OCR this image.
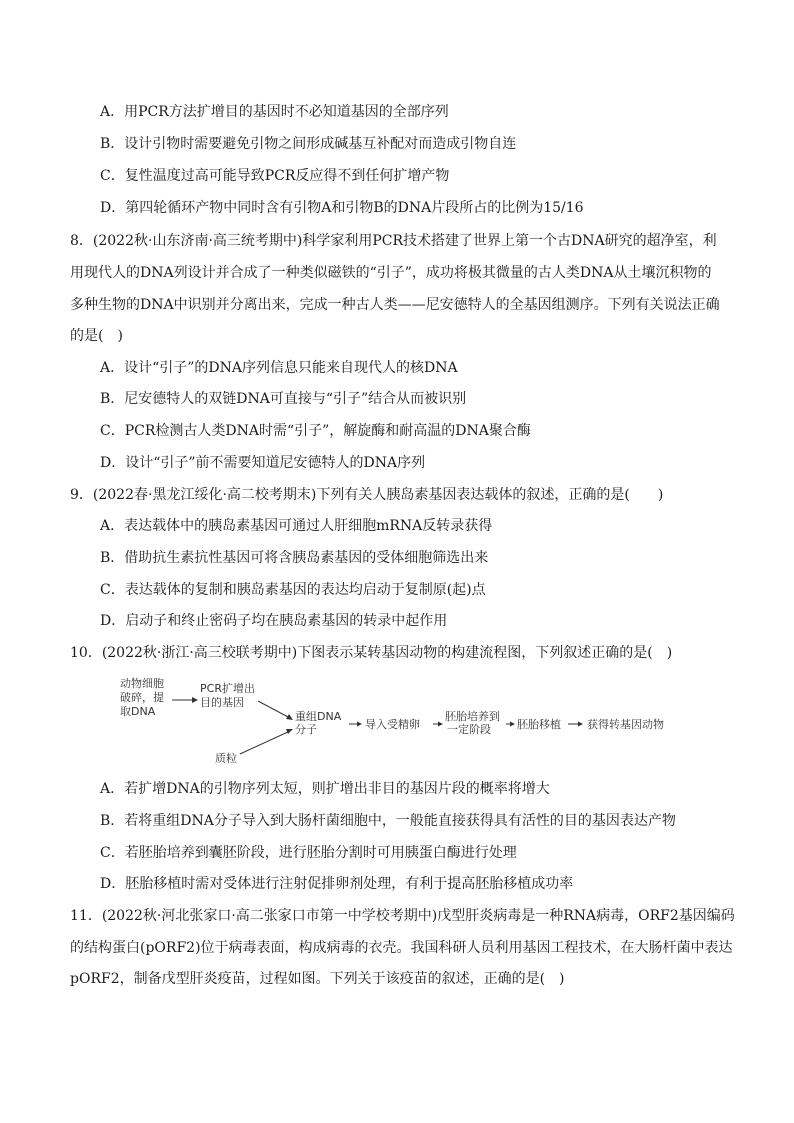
A．用PCR方法扩增目的基因时不必知道基因的全部序列
B．设计引物时需要避免引物之间形成碱基互补配对而造成引物自连
C．复性温度过高可能导致PCR反应得不到任何扩增产物
D．第四轮循环产物中同时含有引物A和引物B的DNA片段所占的比例为15/16
8．(2022秋·山东济南·高三统考期中)科学家利用PCR技术搭建了世界上第一个古DNA研究的超净室，利
用现代人的DNA列设计并合成了一种类似磁铁的“引子”，成功将极其微量的古人类DNA从土壤沉积物的
多种生物的DNA中识别并分离出来，完成一种古人类——尼安德特人的全基因组测序。下列有关说法正确
的是(　)
A．设计“引子”的DNA序列信息只能来自现代人的核DNA
B．尼安德特人的双链DNA可直接与“引子”结合从而被识别
C．PCR检测古人类DNA时需“引子”，解旋酶和耐高温的DNA聚合酶
D．设计“引子”前不需要知道尼安德特人的DNA序列
9．(2022春·黑龙江绥化·高二校考期末)下列有关人胰岛素基因表达载体的叙述，正确的是(　　)
A．表达载体中的胰岛素基因可通过人肝细胞mRNA反转录获得
B．借助抗生素抗性基因可将含胰岛素基因的受体细胞筛选出来
C．表达载体的复制和胰岛素基因的表达均启动于复制原(起)点
D．启动子和终止密码子均在胰岛素基因的转录中起作用
10．(2022秋·浙江·高三校联考期中)下图表示某转基因动物的构建流程图，下列叙述正确的是(　)
动物细胞
破碎，提
取DNA
PCR扩增出
目的基因
质粒
重组DNA
分子	导入受精卵
胚胎培养到
一定阶段 胚胎移植 获得转基因动物
A．若扩增DNA的引物序列太短，则扩增出非目的基因片段的概率将增大
B．若将重组DNA分子导入到大肠杆菌细胞中，一般能直接获得具有活性的目的基因表达产物
C．若胚胎培养到囊胚阶段，进行胚胎分割时可用胰蛋白酶进行处理
D．胚胎移植时需对受体进行注射促排卵剂处理，有利于提高胚胎移植成功率
11．(2022秋·河北张家口·高二张家口市第一中学校考期中)戊型肝炎病毒是一种RNA病毒，ORF2基因编码
的结构蛋白(pORF2)位于病毒表面，构成病毒的衣壳。我国科研人员利用基因工程技术，在大肠杆菌中表达
pORF2，制备戊型肝炎疫苗，过程如图。下列关于该疫苗的叙述，正确的是(　)
